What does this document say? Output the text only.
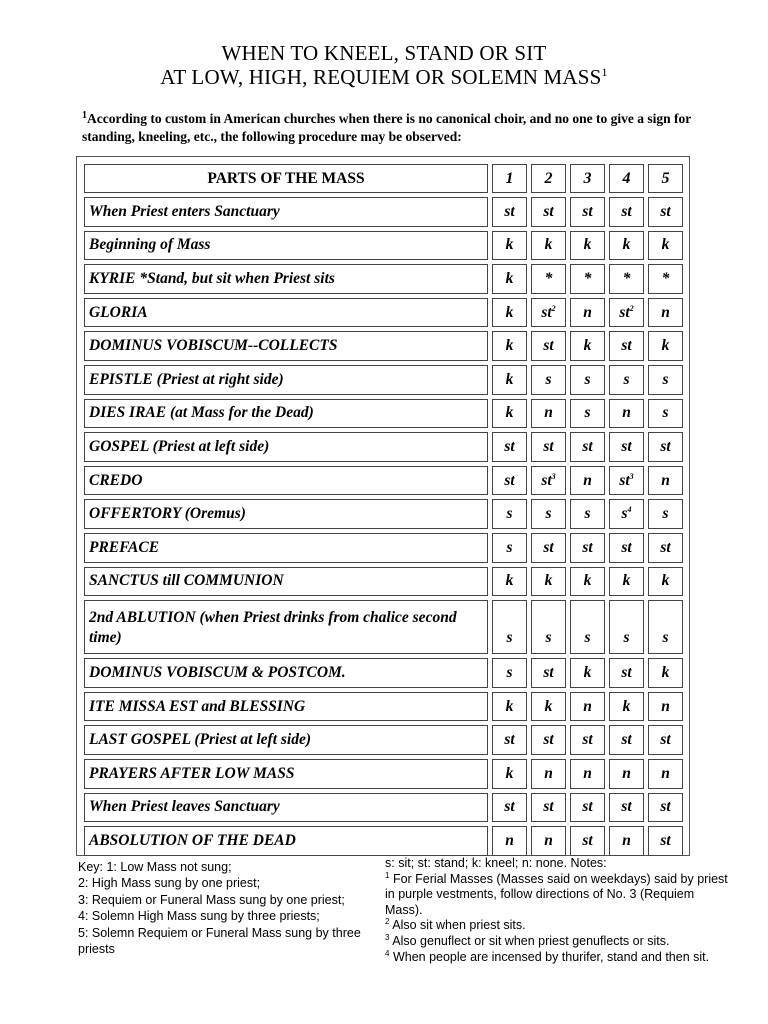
WHEN TO KNEEL, STAND OR SIT
AT LOW, HIGH, REQUIEM OR SOLEMN MASS$^1$
$^1$According to custom in American churches when there is no canonical choir, and no one to give a sign for standing, kneeling, etc., the following procedure may be observed:
PARTS OF THE MASS	1	2	3	4	5
When Priest enters Sanctuary	st	st	st	st	st
Beginning of Mass	k	k	k	k	k
KYRIE *Stand, but sit when Priest sits	k	*	*	*	*
GLORIA	k	$st^2$	n	$st^2$	n
DOMINUS VOBISCUM--COLLECTS	k	st	k	st	k
EPISTLE (Priest at right side)	k	s	s	s	s
DIES IRAE (at Mass for the Dead)	k	n	s	n	s
GOSPEL (Priest at left side)	st	st	st	st	st
CREDO	st	$st^3$	n	$st^3$	n
OFFERTORY (Oremus)	s	s	s	$s^4$	s
PREFACE	s	st	st	st	st
SANCTUS till COMMUNION	k	k	k	k	k
2nd ABLUTION (when Priest drinks from chalice second time)	s	s	s	s	s
DOMINUS VOBISCUM & POSTCOM.	s	st	k	st	k
ITE MISSA EST and BLESSING	k	k	n	k	n
LAST GOSPEL (Priest at left side)	st	st	st	st	st
PRAYERS AFTER LOW MASS	k	n	n	n	n
When Priest leaves Sanctuary	st	st	st	st	st
ABSOLUTION OF THE DEAD	n	n	st	n	st
Key: 1: Low Mass not sung;
2: High Mass sung by one priest;
3: Requiem or Funeral Mass sung by one priest;
4: Solemn High Mass sung by three priests;
5: Solemn Requiem or Funeral Mass sung by three priests
s: sit; st: stand; k: kneel; n: none. Notes:
$^1$ For Ferial Masses (Masses said on weekdays) said by priest in purple vestments, follow directions of No. 3 (Requiem Mass).
$^2$ Also sit when priest sits.
$^3$ Also genuflect or sit when priest genuflects or sits.
$^4$ When people are incensed by thurifer, stand and then sit.
